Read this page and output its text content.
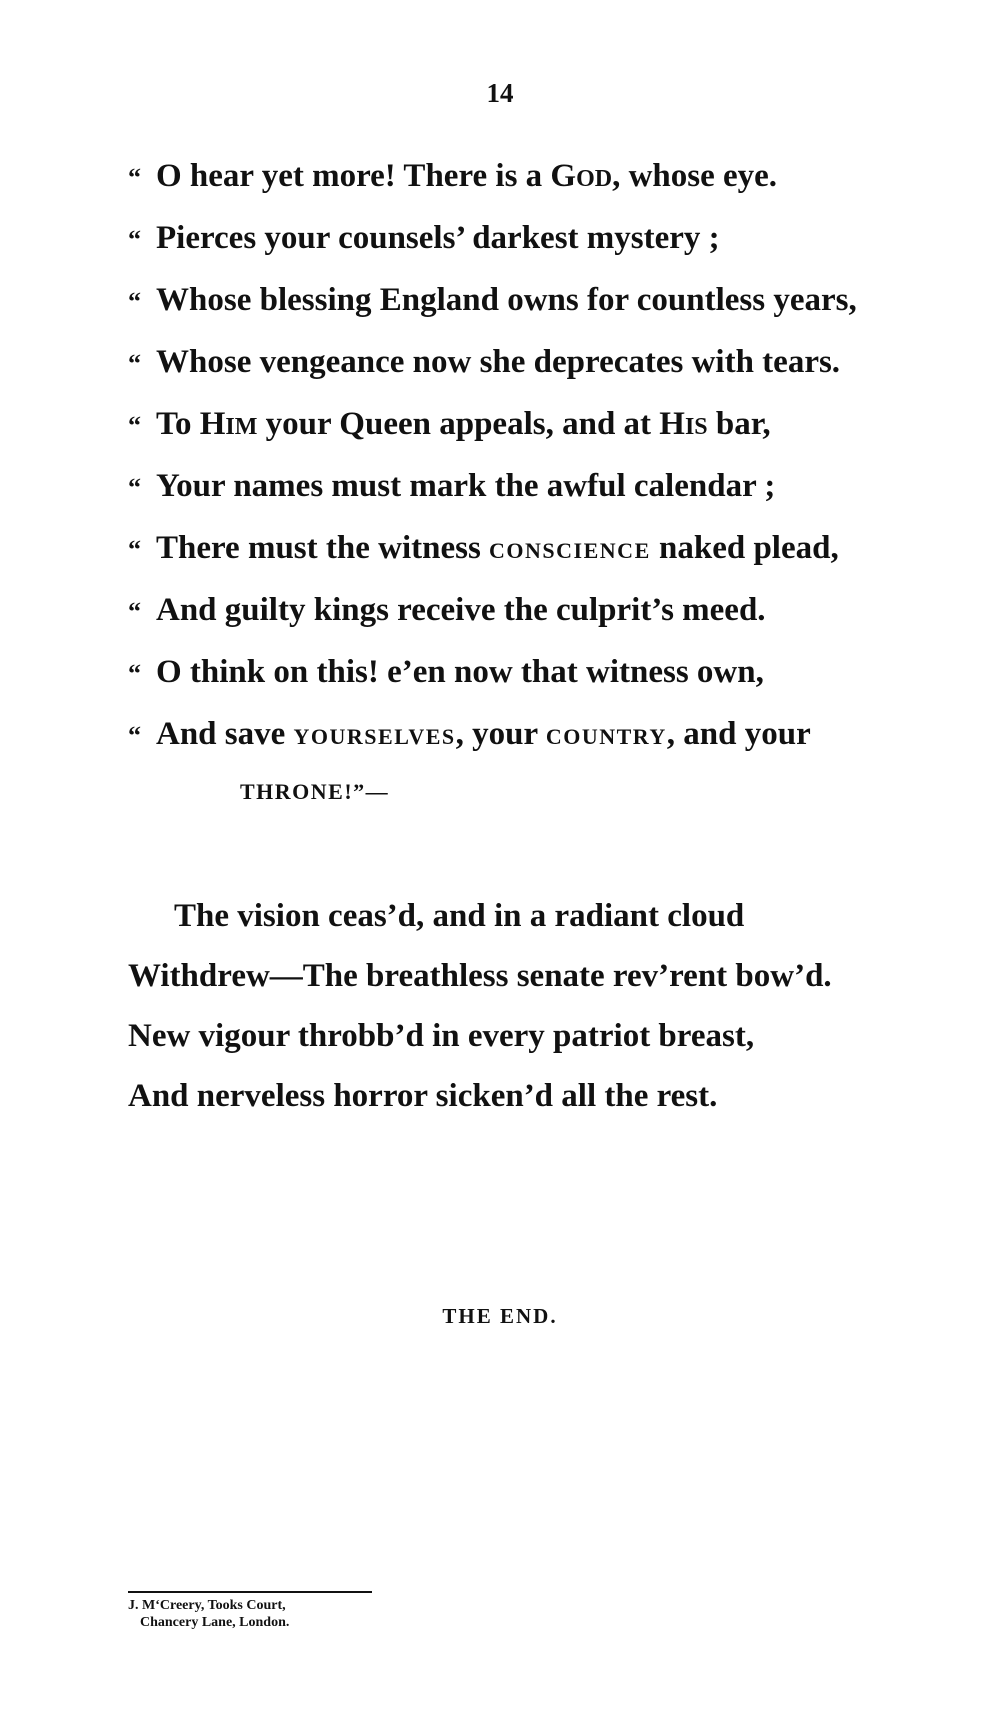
14
“ O hear yet more! There is a GOD, whose eye.
“ Pierces your counsels’ darkest mystery ;
“ Whose blessing England owns for countless years,
“ Whose vengeance now she deprecates with tears.
“ To HIM your Queen appeals, and at HIS bar,
“ Your names must mark the awful calendar ;
“ There must the witness CONSCIENCE naked plead,
“ And guilty kings receive the culprit’s meed.
“ O think on this! e’en now that witness own,
“ And save YOURSELVES, your COUNTRY, and your
THRONE!”—
The vision ceas’d, and in a radiant cloud
Withdrew—The breathless senate rev’rent bow’d.
New vigour throbb’d in every patriot breast,
And nerveless horror sicken’d all the rest.
THE END.
J. M‘Creery, Tooks Court,
Chancery Lane, London.
